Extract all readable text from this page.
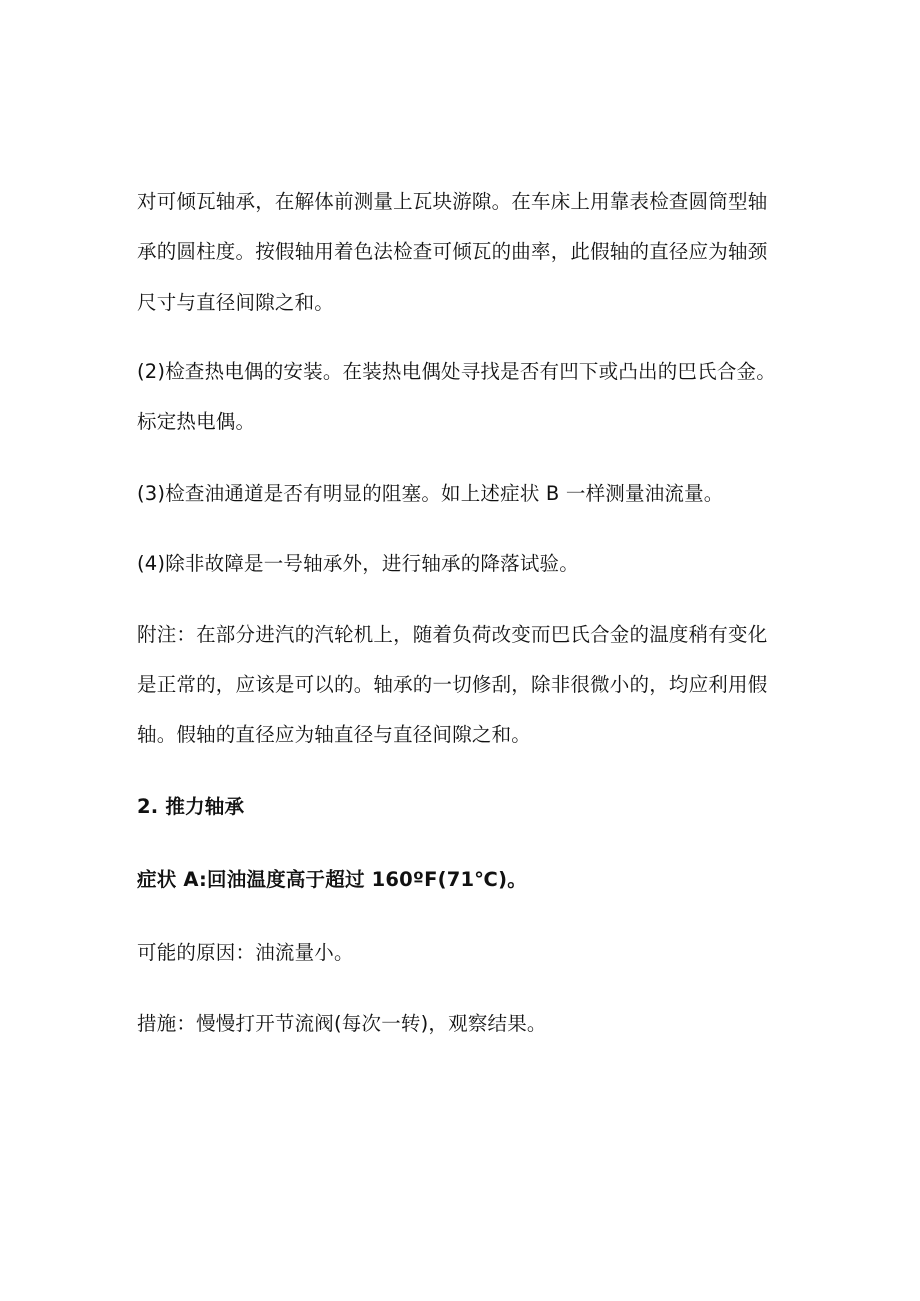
对可倾瓦轴承，在解体前测量上瓦块游隙。在车床上用靠表检查圆筒型轴
承的圆柱度。按假轴用着色法检查可倾瓦的曲率，此假轴的直径应为轴颈
尺寸与直径间隙之和。
(2)检查热电偶的安装。在装热电偶处寻找是否有凹下或凸出的巴氏合金。
标定热电偶。
(3)检查油通道是否有明显的阻塞。如上述症状 B 一样测量油流量。
(4)除非故障是一号轴承外，进行轴承的降落试验。
附注：在部分进汽的汽轮机上，随着负荷改变而巴氏合金的温度稍有变化
是正常的，应该是可以的。轴承的一切修刮，除非很微小的，均应利用假
轴。假轴的直径应为轴直径与直径间隙之和。
2. 推力轴承
症状 A:回油温度高于超过 160ºF(71℃)。
可能的原因：油流量小。
措施：慢慢打开节流阀(每次一转)，观察结果。
